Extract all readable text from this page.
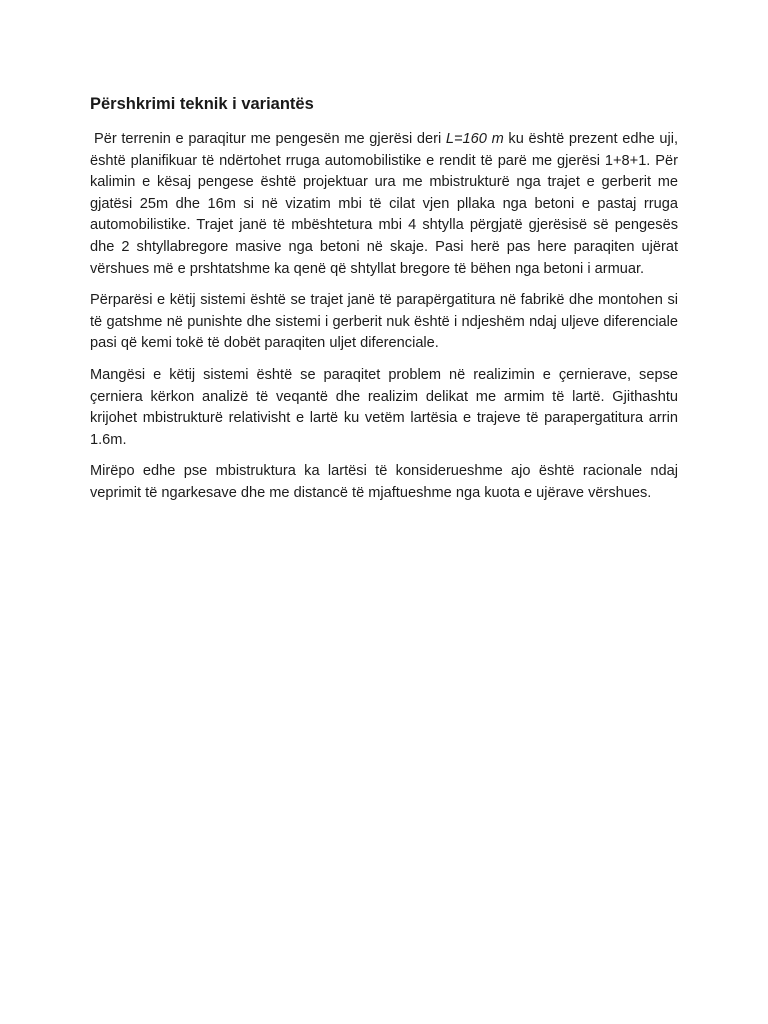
Përshkrimi teknik i variantës

Për terrenin e paraqitur me pengesën me gjerësi deri L=160 m ku është prezent edhe uji, është planifikuar të ndërtohet rruga automobilistike e rendit të parë me gjerësi 1+8+1. Për kalimin e kësaj pengese është projektuar ura me mbistrukturë nga trajet e gerberit me gjatësi 25m dhe 16m si në vizatim mbi të cilat vjen pllaka nga betoni e pastaj rruga automobilistike. Trajet janë të mbështetura mbi 4 shtylla përgjatë gjerësisë së pengesës dhe 2 shtyllabregore masive nga betoni në skaje. Pasi herë pas here paraqiten ujërat vërshues më e prshtatshme ka qenë që shtyllat bregore të bëhen nga betoni i armuar.

Përparësi e këtij sistemi është se trajet janë të parapërgatitura në fabrikë dhe montohen si të gatshme në punishte dhe sistemi i gerberit nuk është i ndjeshëm ndaj uljeve diferenciale pasi që kemi tokë të dobët paraqiten uljet diferenciale.

Mangësi e këtij sistemi është se paraqitet problem në realizimin e çernierave, sepse çerniera kërkon analizë të veqantë dhe realizim delikat me armim të lartë. Gjithashtu krijohet mbistrukturë relativisht e lartë ku vetëm lartësia e trajeve të parapergatitura arrin 1.6m.

Mirëpo edhe pse mbistruktura ka lartësi të konsiderueshme ajo është racionale ndaj veprimit të ngarkesave dhe me distancë të mjaftueshme nga kuota e ujërave vërshues.
